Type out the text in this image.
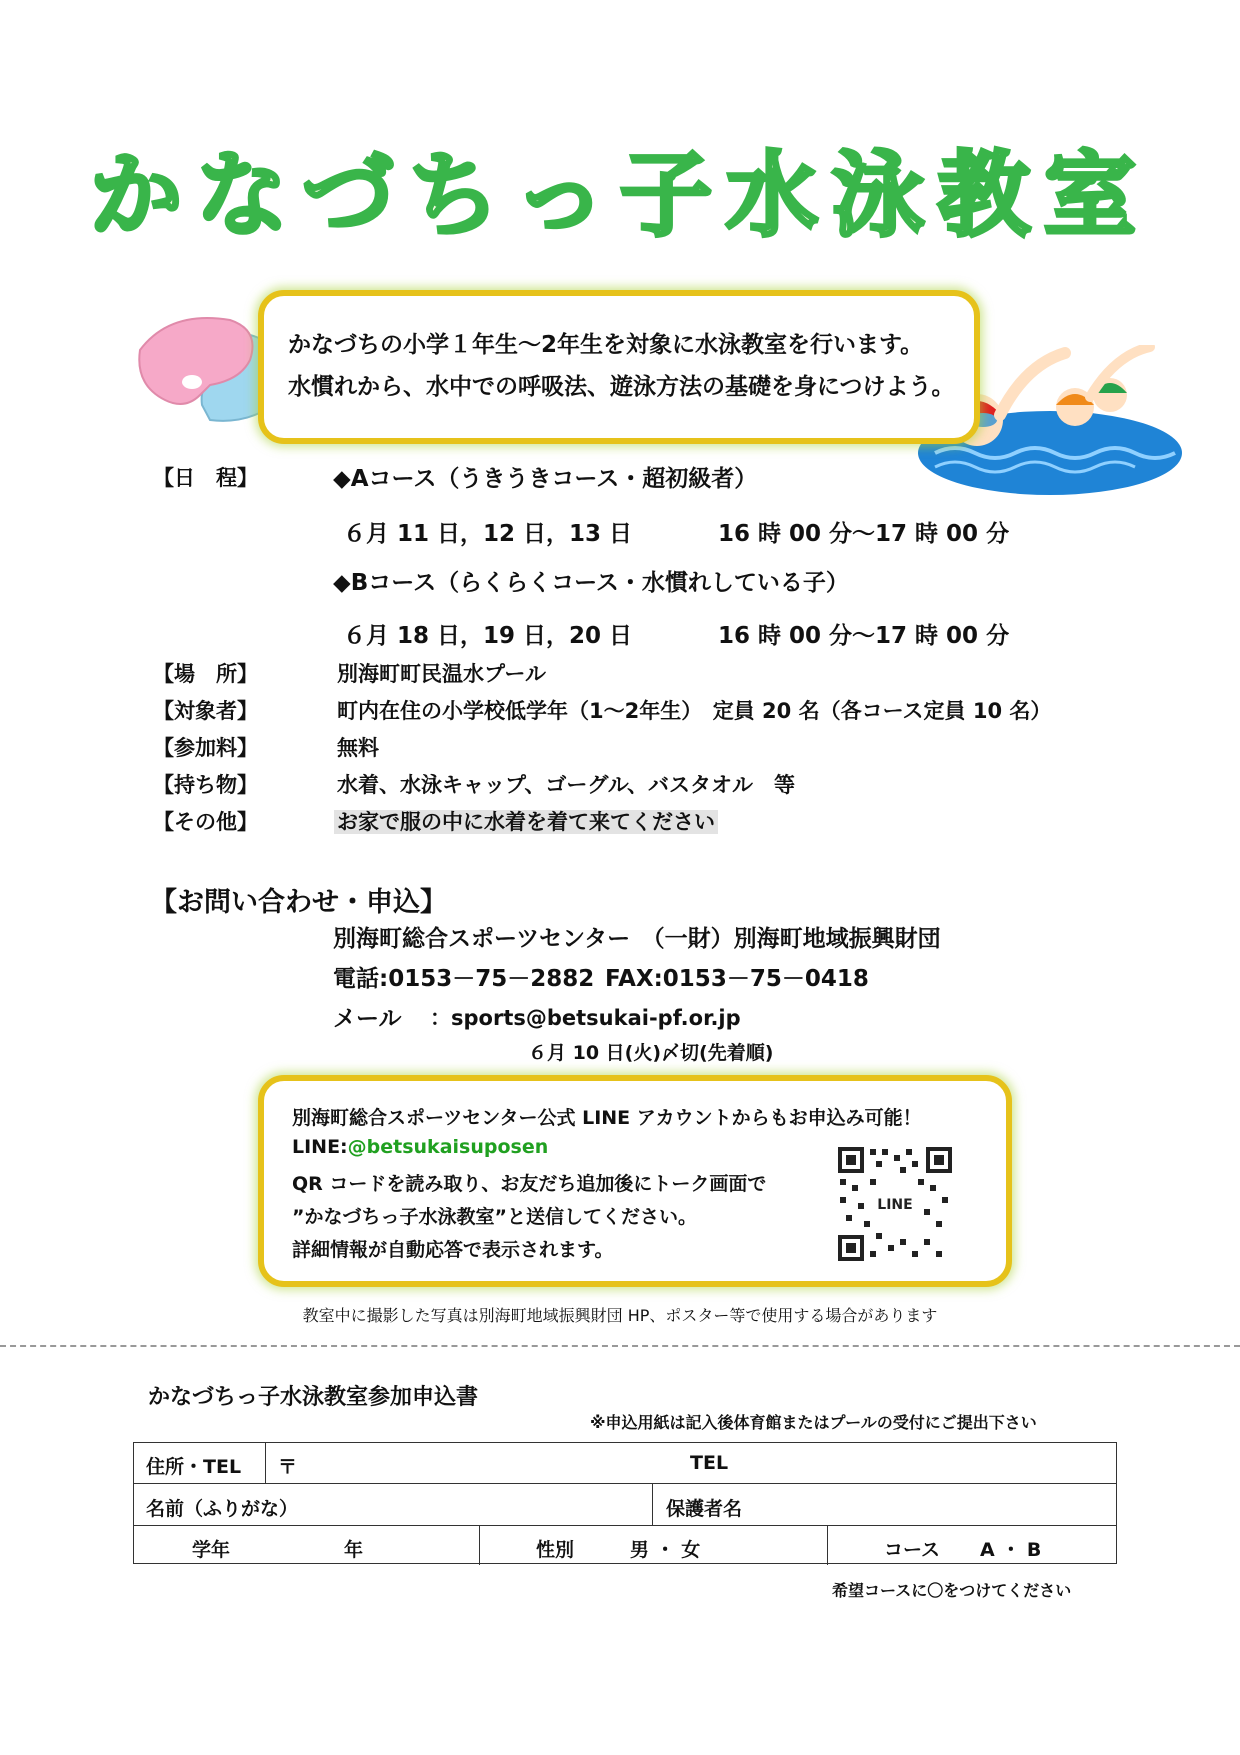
かなづちっ子水泳教室

かなづちの小学１年生～2年生を対象に水泳教室を行います。

水慣れから、水中での呼吸法、遊泳方法の基礎を身につけよう。

【日　程】	◆Aコース（うきうきコース・超初級者）
６月 11 日，12 日，13 日	16 時 00 分～17 時 00 分
◆Bコース（らくらくコース・水慣れしている子）
６月 18 日，19 日，20 日	16 時 00 分～17 時 00 分
【場　所】	別海町町民温水プール
【対象者】	町内在住の小学校低学年（1～2年生）　定員 20 名（各コース定員 10 名）
【参加料】	無料
【持ち物】	水着、水泳キャップ、ゴーグル、バスタオル　等
【その他】	お家で服の中に水着を着て来てください
【お問い合わせ・申込】
別海町総合スポーツセンター　（一財）別海町地域振興財団
電話:0153－75－2882 FAX:0153－75－0418
メール ：sports@betsukai-pf.or.jp
６月 10 日(火)〆切(先着順)
別海町総合スポーツセンター公式 LINE アカウントからもお申込み可能！
LINE:@betsukaisuposen
QR コードを読み取り、お友だち追加後にトーク画面で
”かなづちっ子水泳教室”と送信してください。
詳細情報が自動応答で表示されます。
LINE
教室中に撮影した写真は別海町地域振興財団 HP、ポスター等で使用する場合があります
かなづちっ子水泳教室参加申込書
※申込用紙は記入後体育館またはプールの受付にご提出下さい
住所・TEL 〒	TEL
名前（ふりがな）	保護者名
学年	年	性別	男 ・ 女	コース A ・ B
希望コースに〇をつけてください
